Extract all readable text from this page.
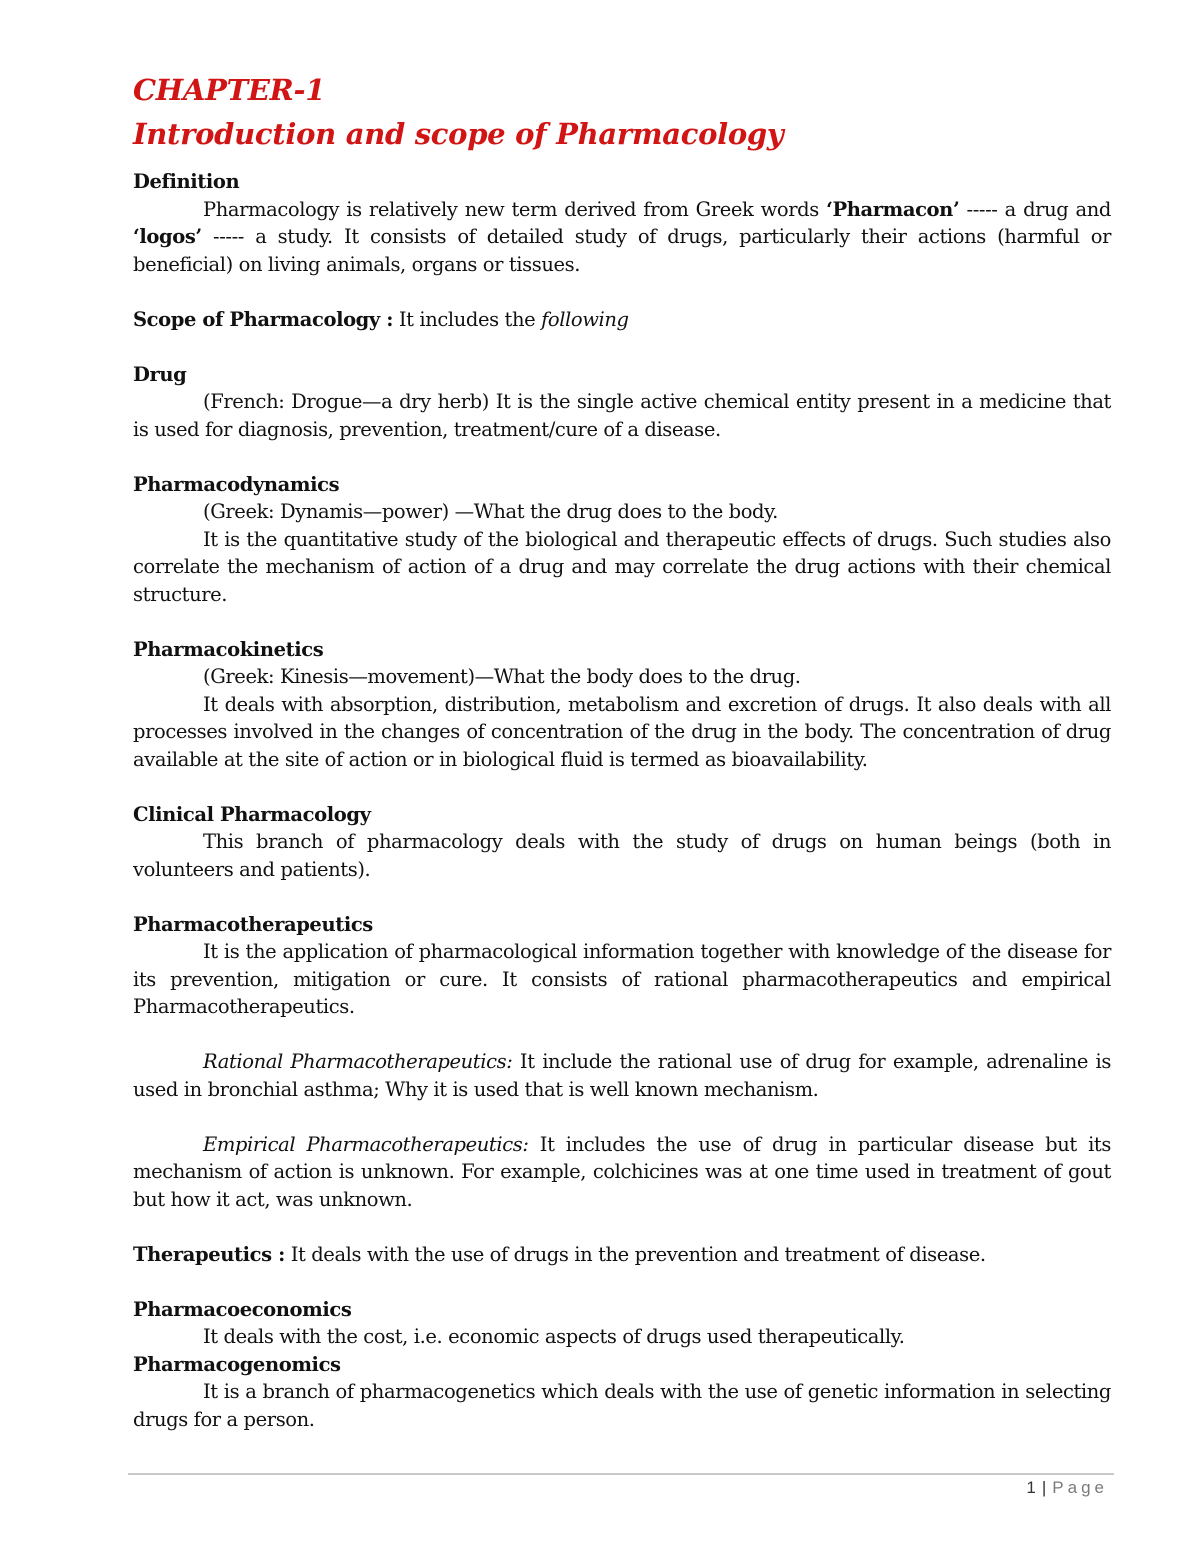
CHAPTER-1
Introduction and scope of Pharmacology

Definition

Pharmacology is relatively new term derived from Greek words ‘Pharmacon’ ----- a drug and ‘logos’ ----- a study. It consists of detailed study of drugs, particularly their actions (harmful or beneficial) on living animals, organs or tissues.

Scope of Pharmacology : It includes the following

Drug

(French: Drogue—a dry herb) It is the single active chemical entity present in a medicine that is used for diagnosis, prevention, treatment/cure of a disease.

Pharmacodynamics

(Greek: Dynamis—power) —What the drug does to the body.

It is the quantitative study of the biological and therapeutic effects of drugs. Such studies also correlate the mechanism of action of a drug and may correlate the drug actions with their chemical structure.

Pharmacokinetics

(Greek: Kinesis—movement)—What the body does to the drug.

It deals with absorption, distribution, metabolism and excretion of drugs. It also deals with all processes involved in the changes of concentration of the drug in the body. The concentration of drug available at the site of action or in biological fluid is termed as bioavailability.

Clinical Pharmacology

This branch of pharmacology deals with the study of drugs on human beings (both in volunteers and patients).

Pharmacotherapeutics

It is the application of pharmacological information together with knowledge of the disease for its prevention, mitigation or cure. It consists of rational pharmacotherapeutics and empirical Pharmacotherapeutics.

Rational Pharmacotherapeutics: It include the rational use of drug for example, adrenaline is used in bronchial asthma; Why it is used that is well known mechanism.

Empirical Pharmacotherapeutics: It includes the use of drug in particular disease but its mechanism of action is unknown. For example, colchicines was at one time used in treatment of gout but how it act, was unknown.

Therapeutics : It deals with the use of drugs in the prevention and treatment of disease.

Pharmacoeconomics

It deals with the cost, i.e. economic aspects of drugs used therapeutically.

Pharmacogenomics

It is a branch of pharmacogenetics which deals with the use of genetic information in selecting drugs for a person.

1 | Page
